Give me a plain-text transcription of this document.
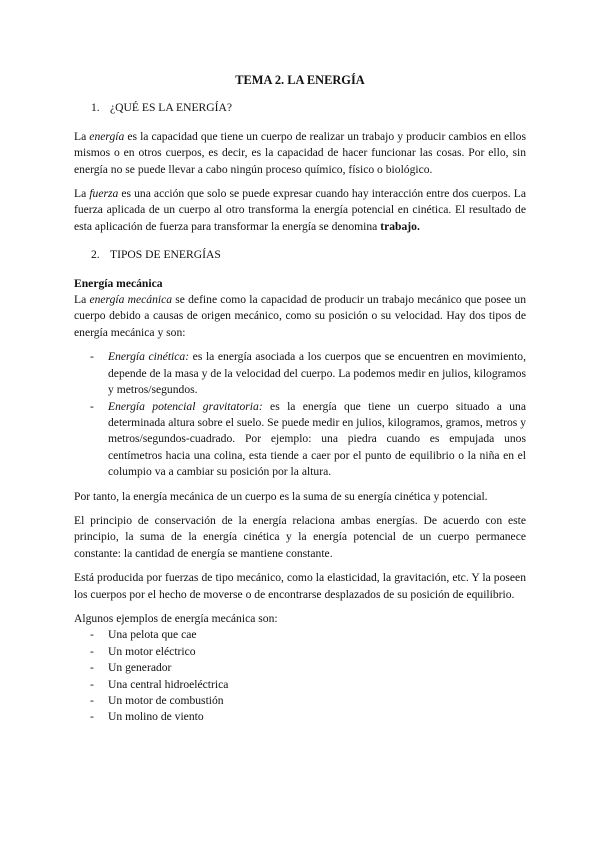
TEMA 2. LA ENERGÍA
1. ¿QUÉ ES LA ENERGÍA?

La energía es la capacidad que tiene un cuerpo de realizar un trabajo y producir cambios en ellos mismos o en otros cuerpos, es decir, es la capacidad de hacer funcionar las cosas. Por ello, sin energía no se puede llevar a cabo ningún proceso químico, físico o biológico.

La fuerza es una acción que solo se puede expresar cuando hay interacción entre dos cuerpos. La fuerza aplicada de un cuerpo al otro transforma la energía potencial en cinética. El resultado de esta aplicación de fuerza para transformar la energía se denomina trabajo.

2. TIPOS DE ENERGÍAS
Energía mecánica

La energía mecánica se define como la capacidad de producir un trabajo mecánico que posee un cuerpo debido a causas de origen mecánico, como su posición o su velocidad. Hay dos tipos de energía mecánica y son:

- Energía cinética: es la energía asociada a los cuerpos que se encuentren en movimiento, depende de la masa y de la velocidad del cuerpo. La podemos medir en julios, kilogramos y metros/segundos.
- Energía potencial gravitatoria: es la energía que tiene un cuerpo situado a una determinada altura sobre el suelo. Se puede medir en julios, kilogramos, gramos, metros y metros/segundos-cuadrado. Por ejemplo: una piedra cuando es empujada unos centímetros hacia una colina, esta tiende a caer por el punto de equilibrio o la niña en el columpio va a cambiar su posición por la altura.

Por tanto, la energía mecánica de un cuerpo es la suma de su energía cinética y potencial.

El principio de conservación de la energía relaciona ambas energías. De acuerdo con este principio, la suma de la energía cinética y la energía potencial de un cuerpo permanece constante: la cantidad de energía se mantiene constante.

Está producida por fuerzas de tipo mecánico, como la elasticidad, la gravitación, etc. Y la poseen los cuerpos por el hecho de moverse o de encontrarse desplazados de su posición de equilibrio.

Algunos ejemplos de energía mecánica son:

- Una pelota que cae
- Un motor eléctrico
- Un generador
- Una central hidroeléctrica
- Un motor de combustión
- Un molino de viento
